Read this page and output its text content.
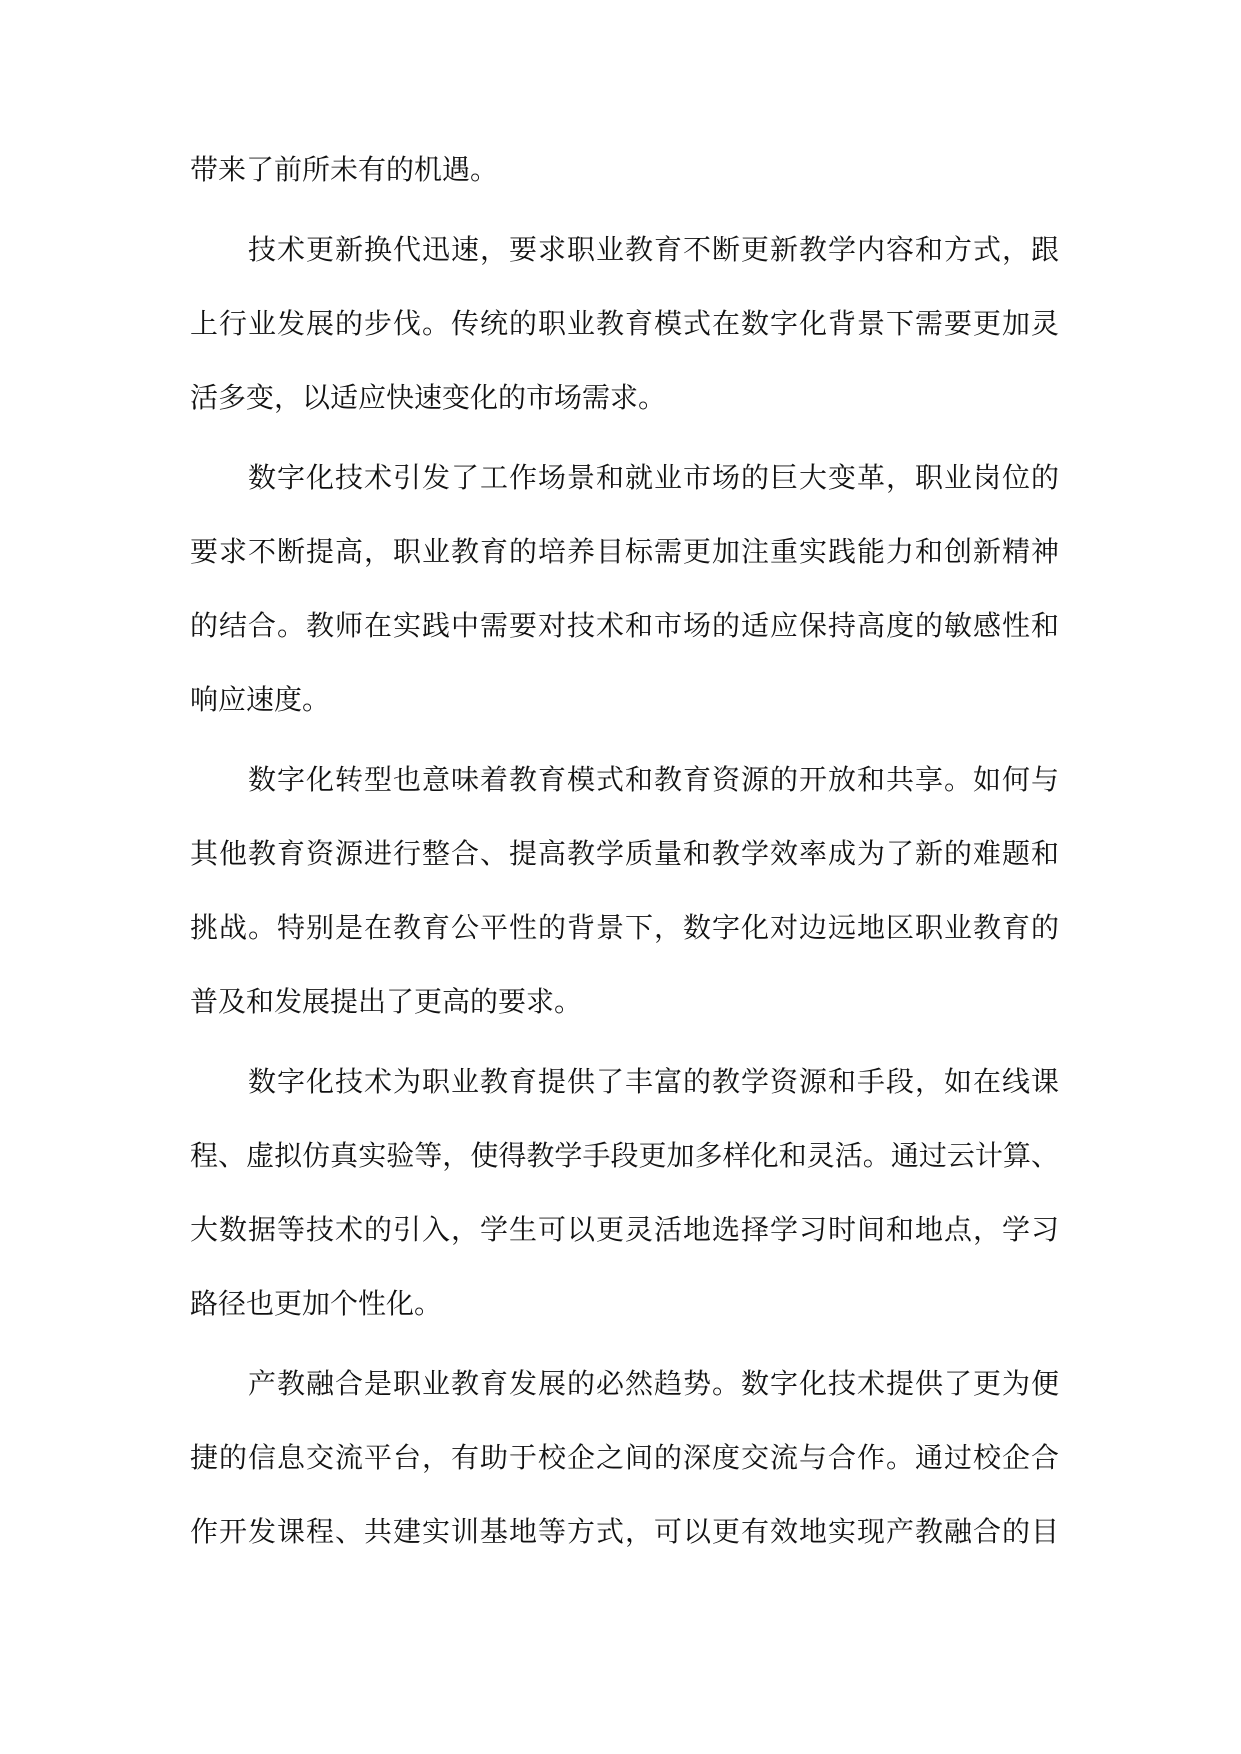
带来了前所未有的机遇。

技术更新换代迅速，要求职业教育不断更新教学内容和方式，跟

上行业发展的步伐。传统的职业教育模式在数字化背景下需要更加灵

活多变，以适应快速变化的市场需求。

数字化技术引发了工作场景和就业市场的巨大变革，职业岗位的

要求不断提高，职业教育的培养目标需更加注重实践能力和创新精神

的结合。教师在实践中需要对技术和市场的适应保持高度的敏感性和

响应速度。

数字化转型也意味着教育模式和教育资源的开放和共享。如何与

其他教育资源进行整合、提高教学质量和教学效率成为了新的难题和

挑战。特别是在教育公平性的背景下，数字化对边远地区职业教育的

普及和发展提出了更高的要求。

数字化技术为职业教育提供了丰富的教学资源和手段，如在线课

程、虚拟仿真实验等，使得教学手段更加多样化和灵活。通过云计算、

大数据等技术的引入，学生可以更灵活地选择学习时间和地点，学习

路径也更加个性化。

产教融合是职业教育发展的必然趋势。数字化技术提供了更为便

捷的信息交流平台，有助于校企之间的深度交流与合作。通过校企合

作开发课程、共建实训基地等方式，可以更有效地实现产教融合的目
